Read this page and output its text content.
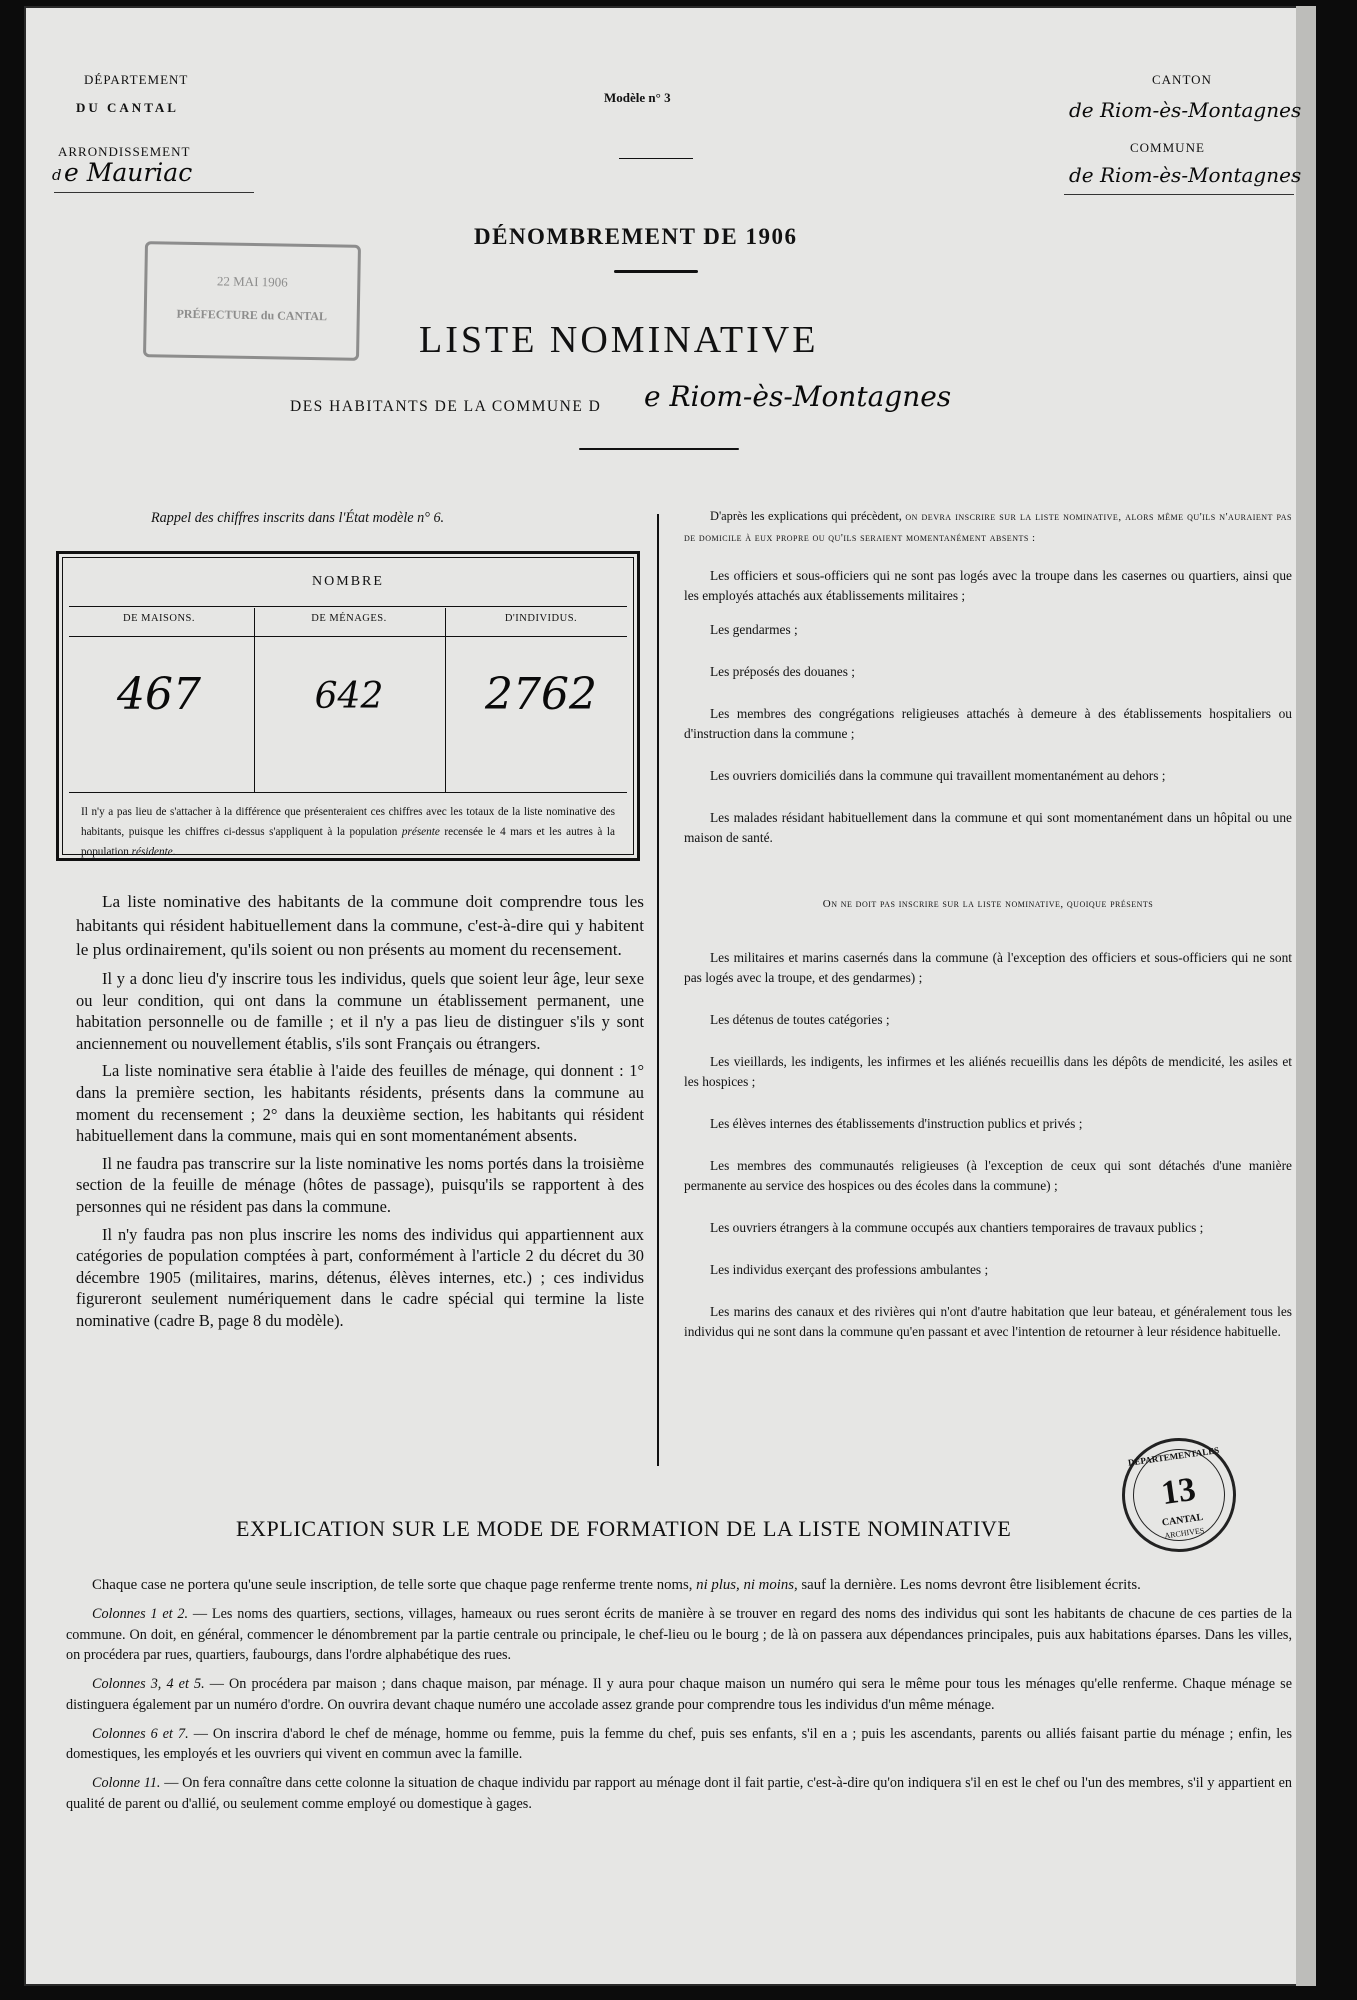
DÉPARTEMENT
DU CANTAL
ARRONDISSEMENT
d e Mauriac
Modèle n° 3
CANTON
de Riom-ès-Montagnes
COMMUNE
de Riom-ès-Montagnes
22 MAI 1906
PRÉFECTURE du CANTAL
DÉNOMBREMENT DE 1906
LISTE NOMINATIVE
DES HABITANTS DE LA COMMUNE D e Riom-ès-Montagnes
Rappel des chiffres inscrits dans l'État modèle n° 6.
NOMBRE
DE MAISONS.	DE MÉNAGES.	D'INDIVIDUS.
467	642	2762
Il n'y a pas lieu de s'attacher à la différence que présenteraient ces chiffres avec les totaux de la liste nominative des habitants, puisque les chiffres ci-dessus s'appliquent à la population présente recensée le 4 mars et les autres à la population résidente.

La liste nominative des habitants de la commune doit comprendre tous les habitants qui résident habituellement dans la commune, c'est-à-dire qui y habitent le plus ordinairement, qu'ils soient ou non présents au moment du recensement.

Il y a donc lieu d'y inscrire tous les individus, quels que soient leur âge, leur sexe ou leur condition, qui ont dans la commune un établissement permanent, une habitation personnelle ou de famille ; et il n'y a pas lieu de distinguer s'ils y sont anciennement ou nouvellement établis, s'ils sont Français ou étrangers.

La liste nominative sera établie à l'aide des feuilles de ménage, qui donnent : 1° dans la première section, les habitants résidents, présents dans la commune au moment du recensement ; 2° dans la deuxième section, les habitants qui résident habituellement dans la commune, mais qui en sont momentanément absents.

Il ne faudra pas transcrire sur la liste nominative les noms portés dans la troisième section de la feuille de ménage (hôtes de passage), puisqu'ils se rapportent à des personnes qui ne résident pas dans la commune.

Il n'y faudra pas non plus inscrire les noms des individus qui appartiennent aux catégories de population comptées à part, conformément à l'article 2 du décret du 30 décembre 1905 (militaires, marins, détenus, élèves internes, etc.) ; ces individus figureront seulement numériquement dans le cadre spécial qui termine la liste nominative (cadre B, page 8 du modèle).

D'après les explications qui précèdent, on devra inscrire sur la liste nominative, alors même qu'ils n'auraient pas de domicile à eux propre ou qu'ils seraient momentanément absents :

Les officiers et sous-officiers qui ne sont pas logés avec la troupe dans les casernes ou quartiers, ainsi que les employés attachés aux établissements militaires ;

Les gendarmes ;

Les préposés des douanes ;

Les membres des congrégations religieuses attachés à demeure à des établissements hospitaliers ou d'instruction dans la commune ;

Les ouvriers domiciliés dans la commune qui travaillent momentanément au dehors ;

Les malades résidant habituellement dans la commune et qui sont momentanément dans un hôpital ou une maison de santé.

On ne doit pas inscrire sur la liste nominative, quoique présents

Les militaires et marins casernés dans la commune (à l'exception des officiers et sous-officiers qui ne sont pas logés avec la troupe, et des gendarmes) ;

Les détenus de toutes catégories ;

Les vieillards, les indigents, les infirmes et les aliénés recueillis dans les dépôts de mendicité, les asiles et les hospices ;

Les élèves internes des établissements d'instruction publics et privés ;

Les membres des communautés religieuses (à l'exception de ceux qui sont détachés d'une manière permanente au service des hospices ou des écoles dans la commune) ;

Les ouvriers étrangers à la commune occupés aux chantiers temporaires de travaux publics ;

Les individus exerçant des professions ambulantes ;

Les marins des canaux et des rivières qui n'ont d'autre habitation que leur bateau, et généralement tous les individus qui ne sont dans la commune qu'en passant et avec l'intention de retourner à leur résidence habituelle.

DÉPARTEMENTALES
13
CANTAL
ARCHIVES
EXPLICATION SUR LE MODE DE FORMATION DE LA LISTE NOMINATIVE

Chaque case ne portera qu'une seule inscription, de telle sorte que chaque page renferme trente noms, ni plus, ni moins, sauf la dernière. Les noms devront être lisiblement écrits.

Colonnes 1 et 2. — Les noms des quartiers, sections, villages, hameaux ou rues seront écrits de manière à se trouver en regard des noms des individus qui sont les habitants de chacune de ces parties de la commune. On doit, en général, commencer le dénombrement par la partie centrale ou principale, le chef-lieu ou le bourg ; de là on passera aux dépendances principales, puis aux habitations éparses. Dans les villes, on procédera par rues, quartiers, faubourgs, dans l'ordre alphabétique des rues.

Colonnes 3, 4 et 5. — On procédera par maison ; dans chaque maison, par ménage. Il y aura pour chaque maison un numéro qui sera le même pour tous les ménages qu'elle renferme. Chaque ménage se distinguera également par un numéro d'ordre. On ouvrira devant chaque numéro une accolade assez grande pour comprendre tous les individus d'un même ménage.

Colonnes 6 et 7. — On inscrira d'abord le chef de ménage, homme ou femme, puis la femme du chef, puis ses enfants, s'il en a ; puis les ascendants, parents ou alliés faisant partie du ménage ; enfin, les domestiques, les employés et les ouvriers qui vivent en commun avec la famille.

Colonne 11. — On fera connaître dans cette colonne la situation de chaque individu par rapport au ménage dont il fait partie, c'est-à-dire qu'on indiquera s'il en est le chef ou l'un des membres, s'il y appartient en qualité de parent ou d'allié, ou seulement comme employé ou domestique à gages.
